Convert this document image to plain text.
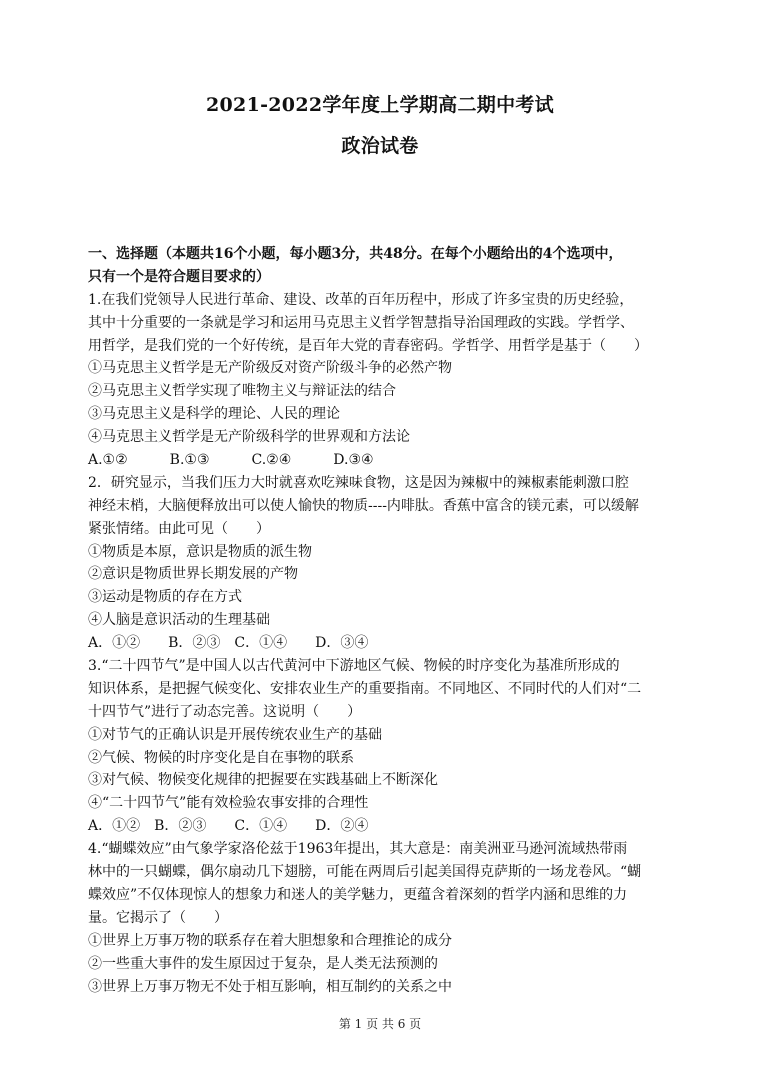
2021-2022学年度上学期高二期中考试
政治试卷
一、选择题（本题共16个小题，每小题3分，共48分。在每个小题给出的4个选项中，
只有一个是符合题目要求的）
1.在我们党领导人民进行革命、建设、改革的百年历程中，形成了许多宝贵的历史经验，
其中十分重要的一条就是学习和运用马克思主义哲学智慧指导治国理政的实践。学哲学、
用哲学，是我们党的一个好传统，是百年大党的青春密码。学哲学、用哲学是基于（　　）
①马克思主义哲学是无产阶级反对资产阶级斗争的必然产物
②马克思主义哲学实现了唯物主义与辩证法的结合
③马克思主义是科学的理论、人民的理论
④马克思主义哲学是无产阶级科学的世界观和方法论
A.①②　　　B.①③　　　C.②④　　　D.③④
2．研究显示，当我们压力大时就喜欢吃辣味食物，这是因为辣椒中的辣椒素能刺激口腔
神经末梢，大脑便释放出可以使人愉快的物质----内啡肽。香蕉中富含的镁元素，可以缓解
紧张情绪。由此可见（　　）
①物质是本原，意识是物质的派生物
②意识是物质世界长期发展的产物
③运动是物质的存在方式
④人脑是意识活动的生理基础
A．①②　　B．②③　C．①④　　D．③④
3.“二十四节气”是中国人以古代黄河中下游地区气候、物候的时序变化为基准所形成的
知识体系，是把握气候变化、安排农业生产的重要指南。不同地区、不同时代的人们对“二
十四节气”进行了动态完善。这说明（　　）
①对节气的正确认识是开展传统农业生产的基础
②气候、物候的时序变化是自在事物的联系
③对气候、物候变化规律的把握要在实践基础上不断深化
④“二十四节气”能有效检验农事安排的合理性
A．①②　B．②③　　C．①④　　D．②④
4.“蝴蝶效应”由气象学家洛伦兹于1963年提出，其大意是：南美洲亚马逊河流域热带雨
林中的一只蝴蝶，偶尔扇动几下翅膀，可能在两周后引起美国得克萨斯的一场龙卷风。“蝴
蝶效应”不仅体现惊人的想象力和迷人的美学魅力，更蕴含着深刻的哲学内涵和思维的力
量。它揭示了（　　）
①世界上万事万物的联系存在着大胆想象和合理推论的成分
②一些重大事件的发生原因过于复杂，是人类无法预测的
③世界上万事万物无不处于相互影响，相互制约的关系之中
第 1 页 共 6 页
